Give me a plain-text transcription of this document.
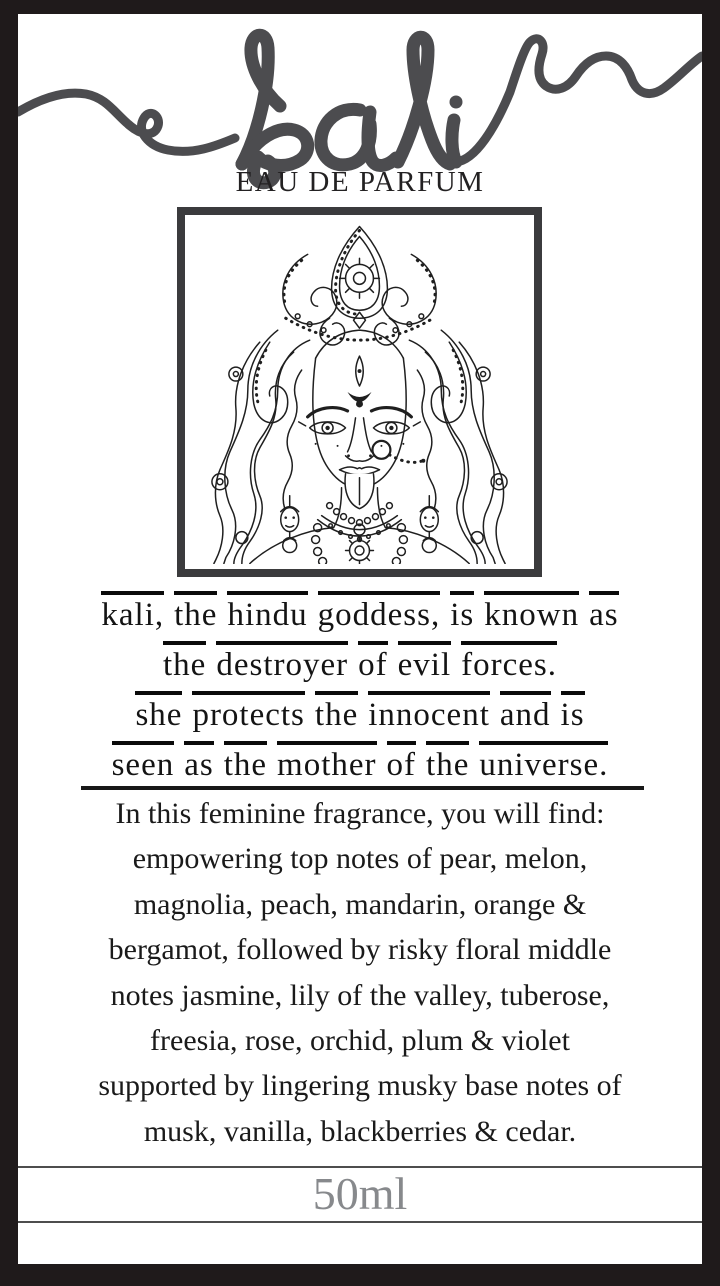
EAU DE PARFUM
kali, the hindu goddess, is known as
the destroyer of evil forces.
she protects the innocent and is
seen as the mother of the universe.
In this feminine fragrance, you will find:
empowering top notes of pear, melon,
magnolia, peach, mandarin, orange &
bergamot, followed by risky floral middle
notes jasmine, lily of the valley, tuberose,
freesia, rose, orchid, plum & violet
supported by lingering musky base notes of
musk, vanilla, blackberries & cedar.
50ml
